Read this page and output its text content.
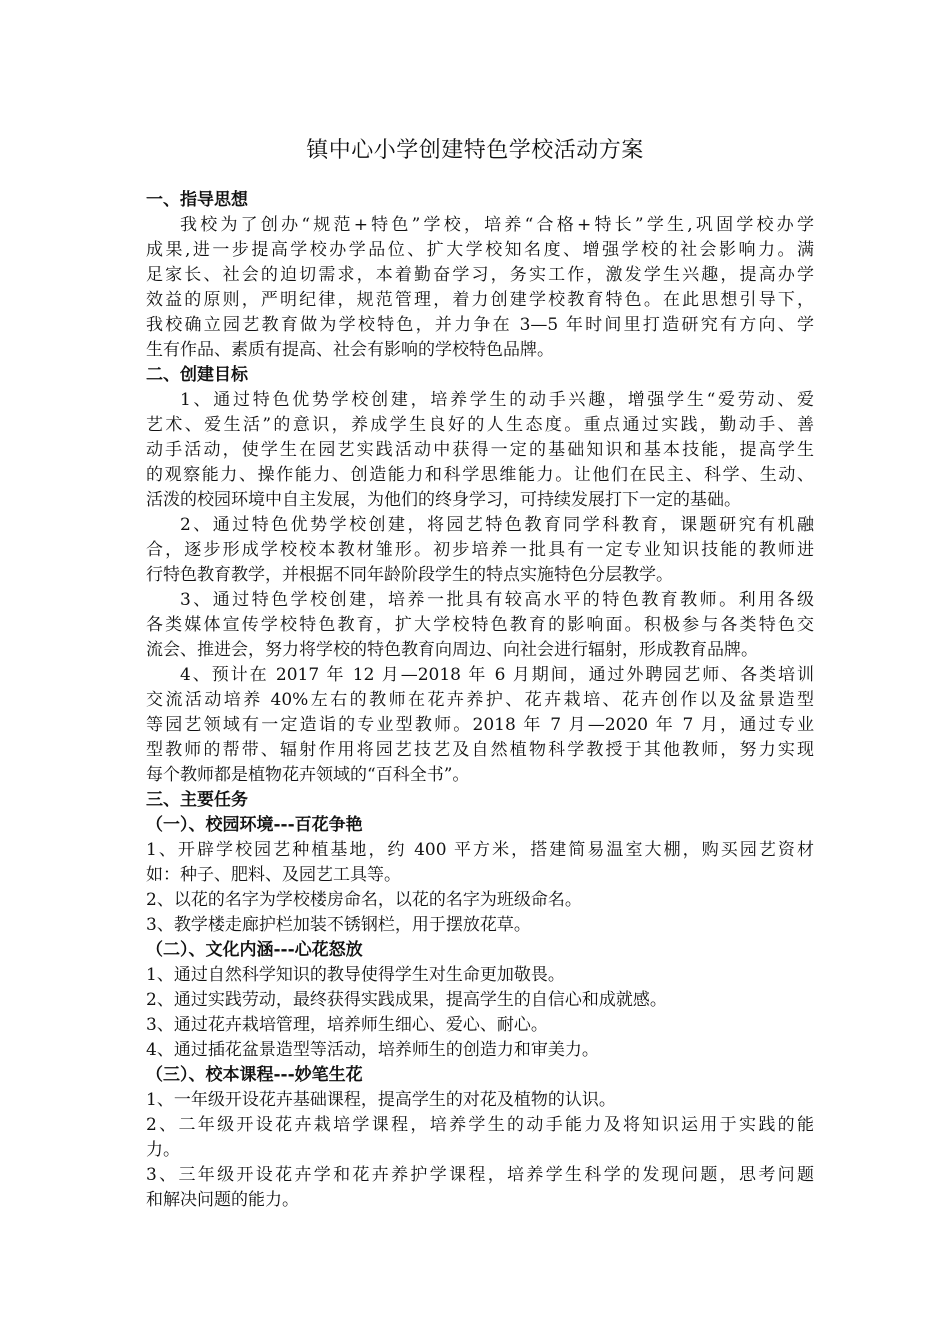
镇中心小学创建特色学校活动方案
一、指导思想
我校为了创办“规范+特色”学校，培养“合格+特长”学生,巩固学校办学
成果,进一步提高学校办学品位、扩大学校知名度、增强学校的社会影响力。满
足家长、社会的迫切需求，本着勤奋学习，务实工作，激发学生兴趣，提高办学
效益的原则，严明纪律，规范管理，着力创建学校教育特色。在此思想引导下，
我校确立园艺教育做为学校特色，并力争在 3—5 年时间里打造研究有方向、学
生有作品、素质有提高、社会有影响的学校特色品牌。
二、创建目标
1、通过特色优势学校创建，培养学生的动手兴趣，增强学生“爱劳动、爱
艺术、爱生活”的意识，养成学生良好的人生态度。重点通过实践，勤动手、善
动手活动，使学生在园艺实践活动中获得一定的基础知识和基本技能，提高学生
的观察能力、操作能力、创造能力和科学思维能力。让他们在民主、科学、生动、
活泼的校园环境中自主发展，为他们的终身学习，可持续发展打下一定的基础。
2、通过特色优势学校创建，将园艺特色教育同学科教育，课题研究有机融
合，逐步形成学校校本教材雏形。初步培养一批具有一定专业知识技能的教师进
行特色教育教学，并根据不同年龄阶段学生的特点实施特色分层教学。
3、通过特色学校创建，培养一批具有较高水平的特色教育教师。利用各级
各类媒体宣传学校特色教育，扩大学校特色教育的影响面。积极参与各类特色交
流会、推进会，努力将学校的特色教育向周边、向社会进行辐射，形成教育品牌。
4、预计在 2017 年 12 月—2018 年 6 月期间，通过外聘园艺师、各类培训
交流活动培养 40%左右的教师在花卉养护、花卉栽培、花卉创作以及盆景造型
等园艺领域有一定造诣的专业型教师。2018 年 7 月—2020 年 7 月，通过专业
型教师的帮带、辐射作用将园艺技艺及自然植物科学教授于其他教师，努力实现
每个教师都是植物花卉领域的“百科全书”。
三、主要任务
（一）、校园环境---百花争艳
1、开辟学校园艺种植基地，约 400 平方米，搭建简易温室大棚，购买园艺资材
如：种子、肥料、及园艺工具等。
2、以花的名字为学校楼房命名，以花的名字为班级命名。
3、教学楼走廊护栏加装不锈钢栏，用于摆放花草。
（二）、文化内涵---心花怒放
1、通过自然科学知识的教导使得学生对生命更加敬畏。
2、通过实践劳动，最终获得实践成果，提高学生的自信心和成就感。
3、通过花卉栽培管理，培养师生细心、爱心、耐心。
4、通过插花盆景造型等活动，培养师生的创造力和审美力。
（三）、校本课程---妙笔生花
1、一年级开设花卉基础课程，提高学生的对花及植物的认识。
2、二年级开设花卉栽培学课程，培养学生的动手能力及将知识运用于实践的能
力。
3、三年级开设花卉学和花卉养护学课程，培养学生科学的发现问题，思考问题
和解决问题的能力。
